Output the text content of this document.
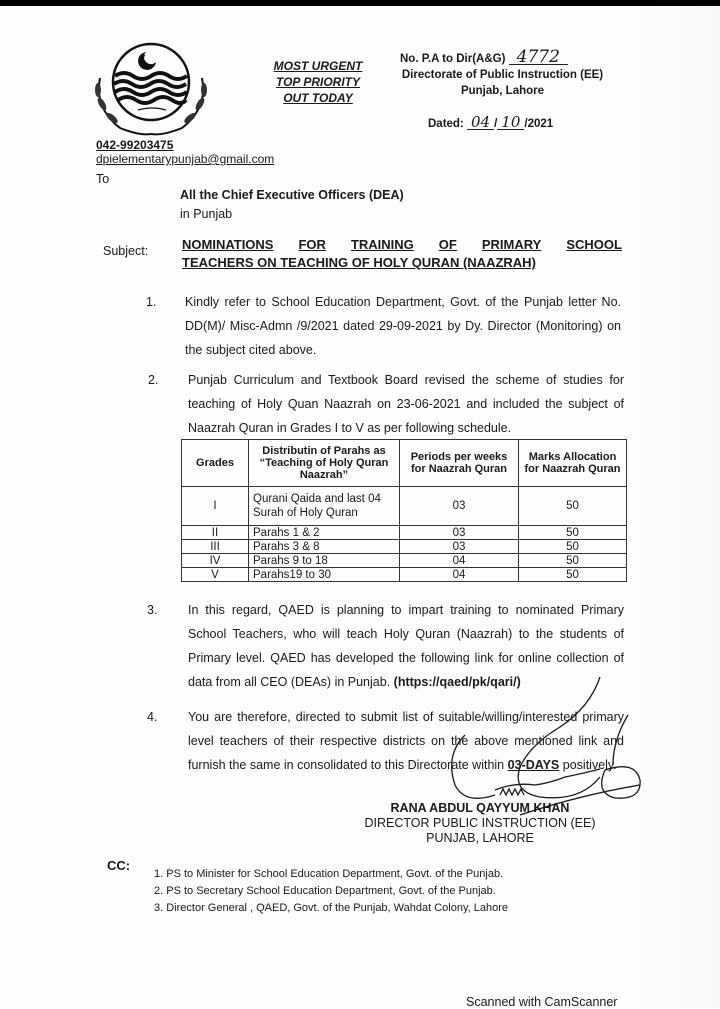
★
MOST URGENT
TOP PRIORITY
OUT TODAY
No. P.A to Dir(A&G) 4772
Directorate of Public Instruction (EE)
Punjab, Lahore
Dated: 04 / 10 /2021
042-99203475
dpielementarypunjab@gmail.com
To
All the Chief Executive Officers (DEA)
in Punjab
Subject:	NOMINATIONS FOR TRAINING OF PRIMARY SCHOOL
TEACHERS ON TEACHING OF HOLY QURAN (NAAZRAH)
1. Kindly refer to School Education Department, Govt. of the Punjab letter No. DD(M)/ Misc-Admn /9/2021 dated 29-09-2021 by Dy. Director (Monitoring) on the subject cited above.
2. Punjab Curriculum and Textbook Board revised the scheme of studies for teaching of Holy Quan Naazrah on 23-06-2021 and included the subject of Naazrah Quran in Grades I to V as per following schedule.
Grades	Distributin of Parahs as “Teaching of Holy Quran Naazrah”	Periods per weeks for Naazrah Quran	Marks Allocation for Naazrah Quran
I	Qurani Qaida and last 04 Surah of Holy Quran	03	50
II	Parahs 1 & 2	03	50
III	Parahs 3 & 8	03	50
IV	Parahs 9 to 18	04	50
V	Parahs19 to 30	04	50
3. In this regard, QAED is planning to impart training to nominated Primary School Teachers, who will teach Holy Quran (Naazrah) to the students of Primary level. QAED has developed the following link for online collection of data from all CEO (DEAs) in Punjab. (https://qaed/pk/qari/)
4. You are therefore, directed to submit list of suitable/willing/interested primary level teachers of their respective districts on the above mentioned link and furnish the same in consolidated to this Directorate within 03-DAYS positively.
RANA ABDUL QAYYUM KHAN
DIRECTOR PUBLIC INSTRUCTION (EE)
PUNJAB, LAHORE
CC:
1. PS to Minister for School Education Department, Govt. of the Punjab.
2. PS to Secretary School Education Department, Govt. of the Punjab.
3. Director General , QAED, Govt. of the Punjab, Wahdat Colony, Lahore
Scanned with CamScanner
